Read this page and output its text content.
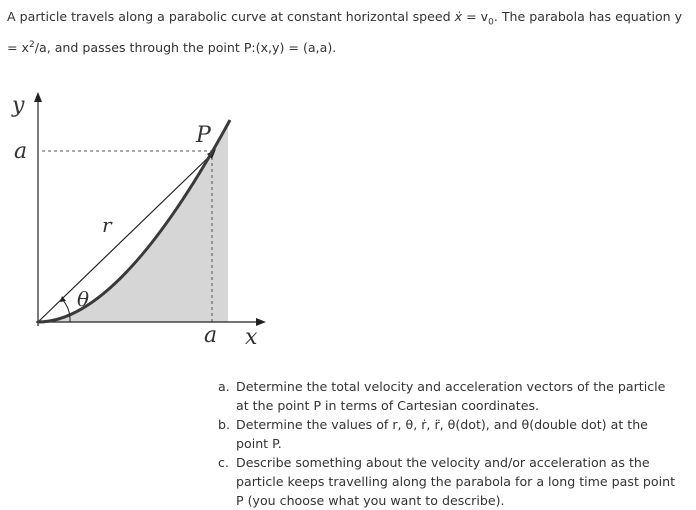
A particle travels along a parabolic curve at constant horizontal speed ẋ = $v_0$. The parabola has equation y
= $x^2/a$, and passes through the point P:(x,y) = (a,a).
y
a
P
r
θ
a x
a. Determine the total velocity and acceleration vectors of the particle at the point P in terms of Cartesian coordinates.
b. Determine the values of r, θ, ṙ, r̈, θ(dot), and θ(double dot) at the point P.
c. Describe something about the velocity and/or acceleration as the particle keeps travelling along the parabola for a long time past point P (you choose what you want to describe).
